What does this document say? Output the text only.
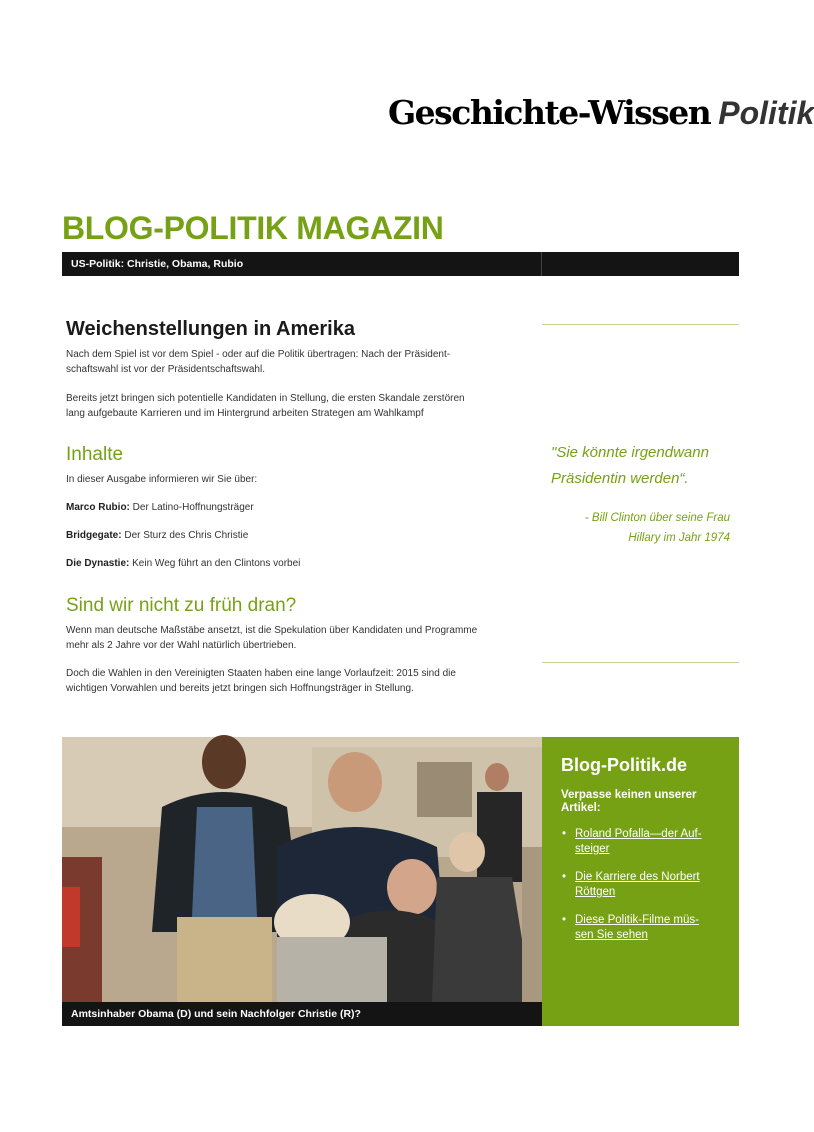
Geschichte-Wissen Politik
BLOG-POLITIK MAGAZIN
US-Politik: Christie, Obama, Rubio
Weichenstellungen in Amerika

Nach dem Spiel ist vor dem Spiel - oder auf die Politik übertragen: Nach der Präsident-
schaftswahl ist vor der Präsidentschaftswahl.

Bereits jetzt bringen sich potentielle Kandidaten in Stellung, die ersten Skandale zerstören
lang aufgebaute Karrieren und im Hintergrund arbeiten Strategen am Wahlkampf

Inhalte

In dieser Ausgabe informieren wir Sie über:

Marco Rubio: Der Latino-Hoffnungsträger

Bridgegate: Der Sturz des Chris Christie

Die Dynastie: Kein Weg führt an den Clintons vorbei

Sind wir nicht zu früh dran?

Wenn man deutsche Maßstäbe ansetzt, ist die Spekulation über Kandidaten und Programme
mehr als 2 Jahre vor der Wahl natürlich übertrieben.

Doch die Wahlen in den Vereinigten Staaten haben eine lange Vorlaufzeit: 2015 sind die
wichtigen Vorwahlen und bereits jetzt bringen sich Hoffnungsträger in Stellung.

"Sie könnte irgendwann
Präsidentin werden“.
- Bill Clinton über seine Frau
Hillary im Jahr 1974
Amtsinhaber Obama (D) und sein Nachfolger Christie (R)?
Blog-Politik.de
Verpasse keinen unserer Artikel:
• Roland Pofalla—der Auf-
steiger
• Die Karriere des Norbert
Röttgen
• Diese Politik-Filme müs-
sen Sie sehen
